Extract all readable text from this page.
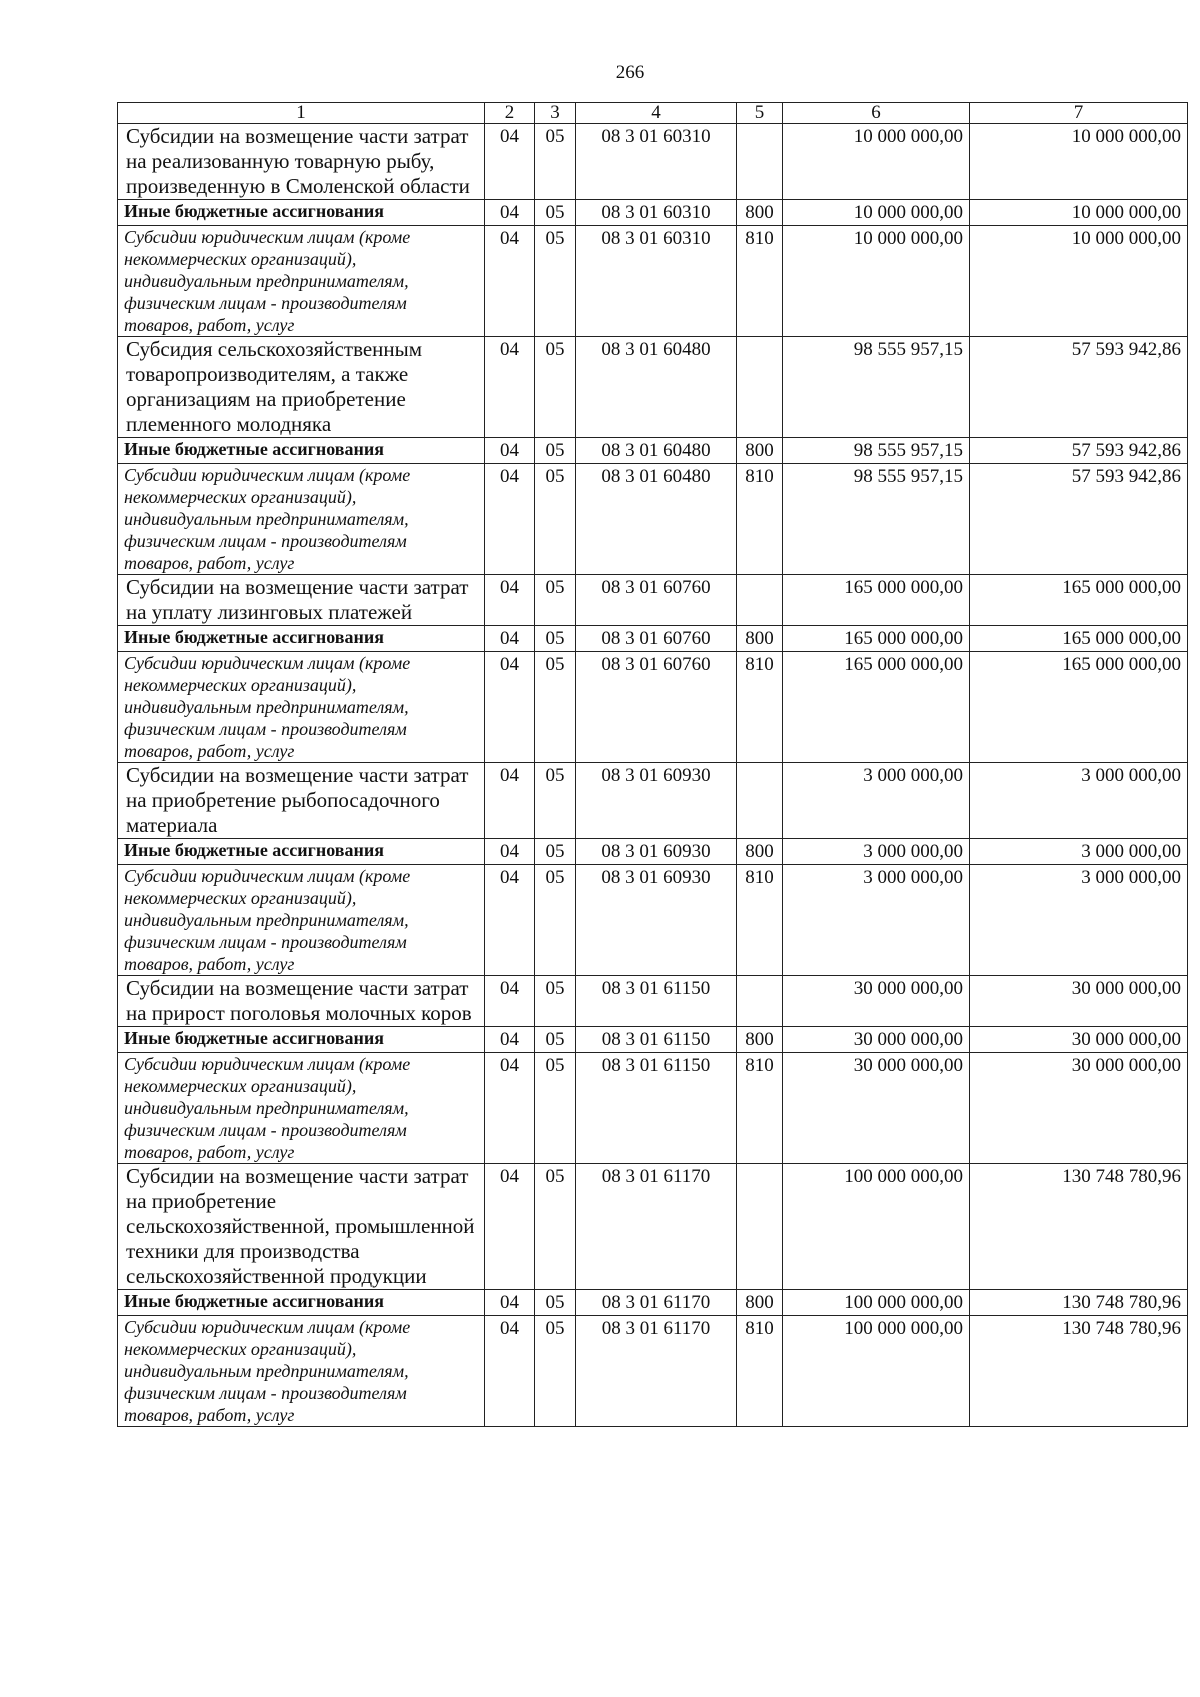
266
1	2	3	4	5	6	7
Субсидии на возмещение части затрат на реализованную товарную рыбу, произведенную в Смоленской области	04	05	08 3 01 60310		10 000 000,00	10 000 000,00
Иные бюджетные ассигнования	04	05	08 3 01 60310	800	10 000 000,00	10 000 000,00
Субсидии юридическим лицам (кроме некоммерческих организаций), индивидуальным предпринимателям, физическим лицам - производителям товаров, работ, услуг	04	05	08 3 01 60310	810	10 000 000,00	10 000 000,00
Субсидия сельскохозяйственным товаропроизводителям, а также организациям на приобретение племенного молодняка	04	05	08 3 01 60480		98 555 957,15	57 593 942,86
Иные бюджетные ассигнования	04	05	08 3 01 60480	800	98 555 957,15	57 593 942,86
Субсидии юридическим лицам (кроме некоммерческих организаций), индивидуальным предпринимателям, физическим лицам - производителям товаров, работ, услуг	04	05	08 3 01 60480	810	98 555 957,15	57 593 942,86
Субсидии на возмещение части затрат на уплату лизинговых платежей	04	05	08 3 01 60760		165 000 000,00	165 000 000,00
Иные бюджетные ассигнования	04	05	08 3 01 60760	800	165 000 000,00	165 000 000,00
Субсидии юридическим лицам (кроме некоммерческих организаций), индивидуальным предпринимателям, физическим лицам - производителям товаров, работ, услуг	04	05	08 3 01 60760	810	165 000 000,00	165 000 000,00
Субсидии на возмещение части затрат на приобретение рыбопосадочного материала	04	05	08 3 01 60930		3 000 000,00	3 000 000,00
Иные бюджетные ассигнования	04	05	08 3 01 60930	800	3 000 000,00	3 000 000,00
Субсидии юридическим лицам (кроме некоммерческих организаций), индивидуальным предпринимателям, физическим лицам - производителям товаров, работ, услуг	04	05	08 3 01 60930	810	3 000 000,00	3 000 000,00
Субсидии на возмещение части затрат на прирост поголовья молочных коров	04	05	08 3 01 61150		30 000 000,00	30 000 000,00
Иные бюджетные ассигнования	04	05	08 3 01 61150	800	30 000 000,00	30 000 000,00
Субсидии юридическим лицам (кроме некоммерческих организаций), индивидуальным предпринимателям, физическим лицам - производителям товаров, работ, услуг	04	05	08 3 01 61150	810	30 000 000,00	30 000 000,00
Субсидии на возмещение части затрат на приобретение сельскохозяйственной, промышленной техники для производства сельскохозяйственной продукции	04	05	08 3 01 61170		100 000 000,00	130 748 780,96
Иные бюджетные ассигнования	04	05	08 3 01 61170	800	100 000 000,00	130 748 780,96
Субсидии юридическим лицам (кроме некоммерческих организаций), индивидуальным предпринимателям, физическим лицам - производителям товаров, работ, услуг	04	05	08 3 01 61170	810	100 000 000,00	130 748 780,96
